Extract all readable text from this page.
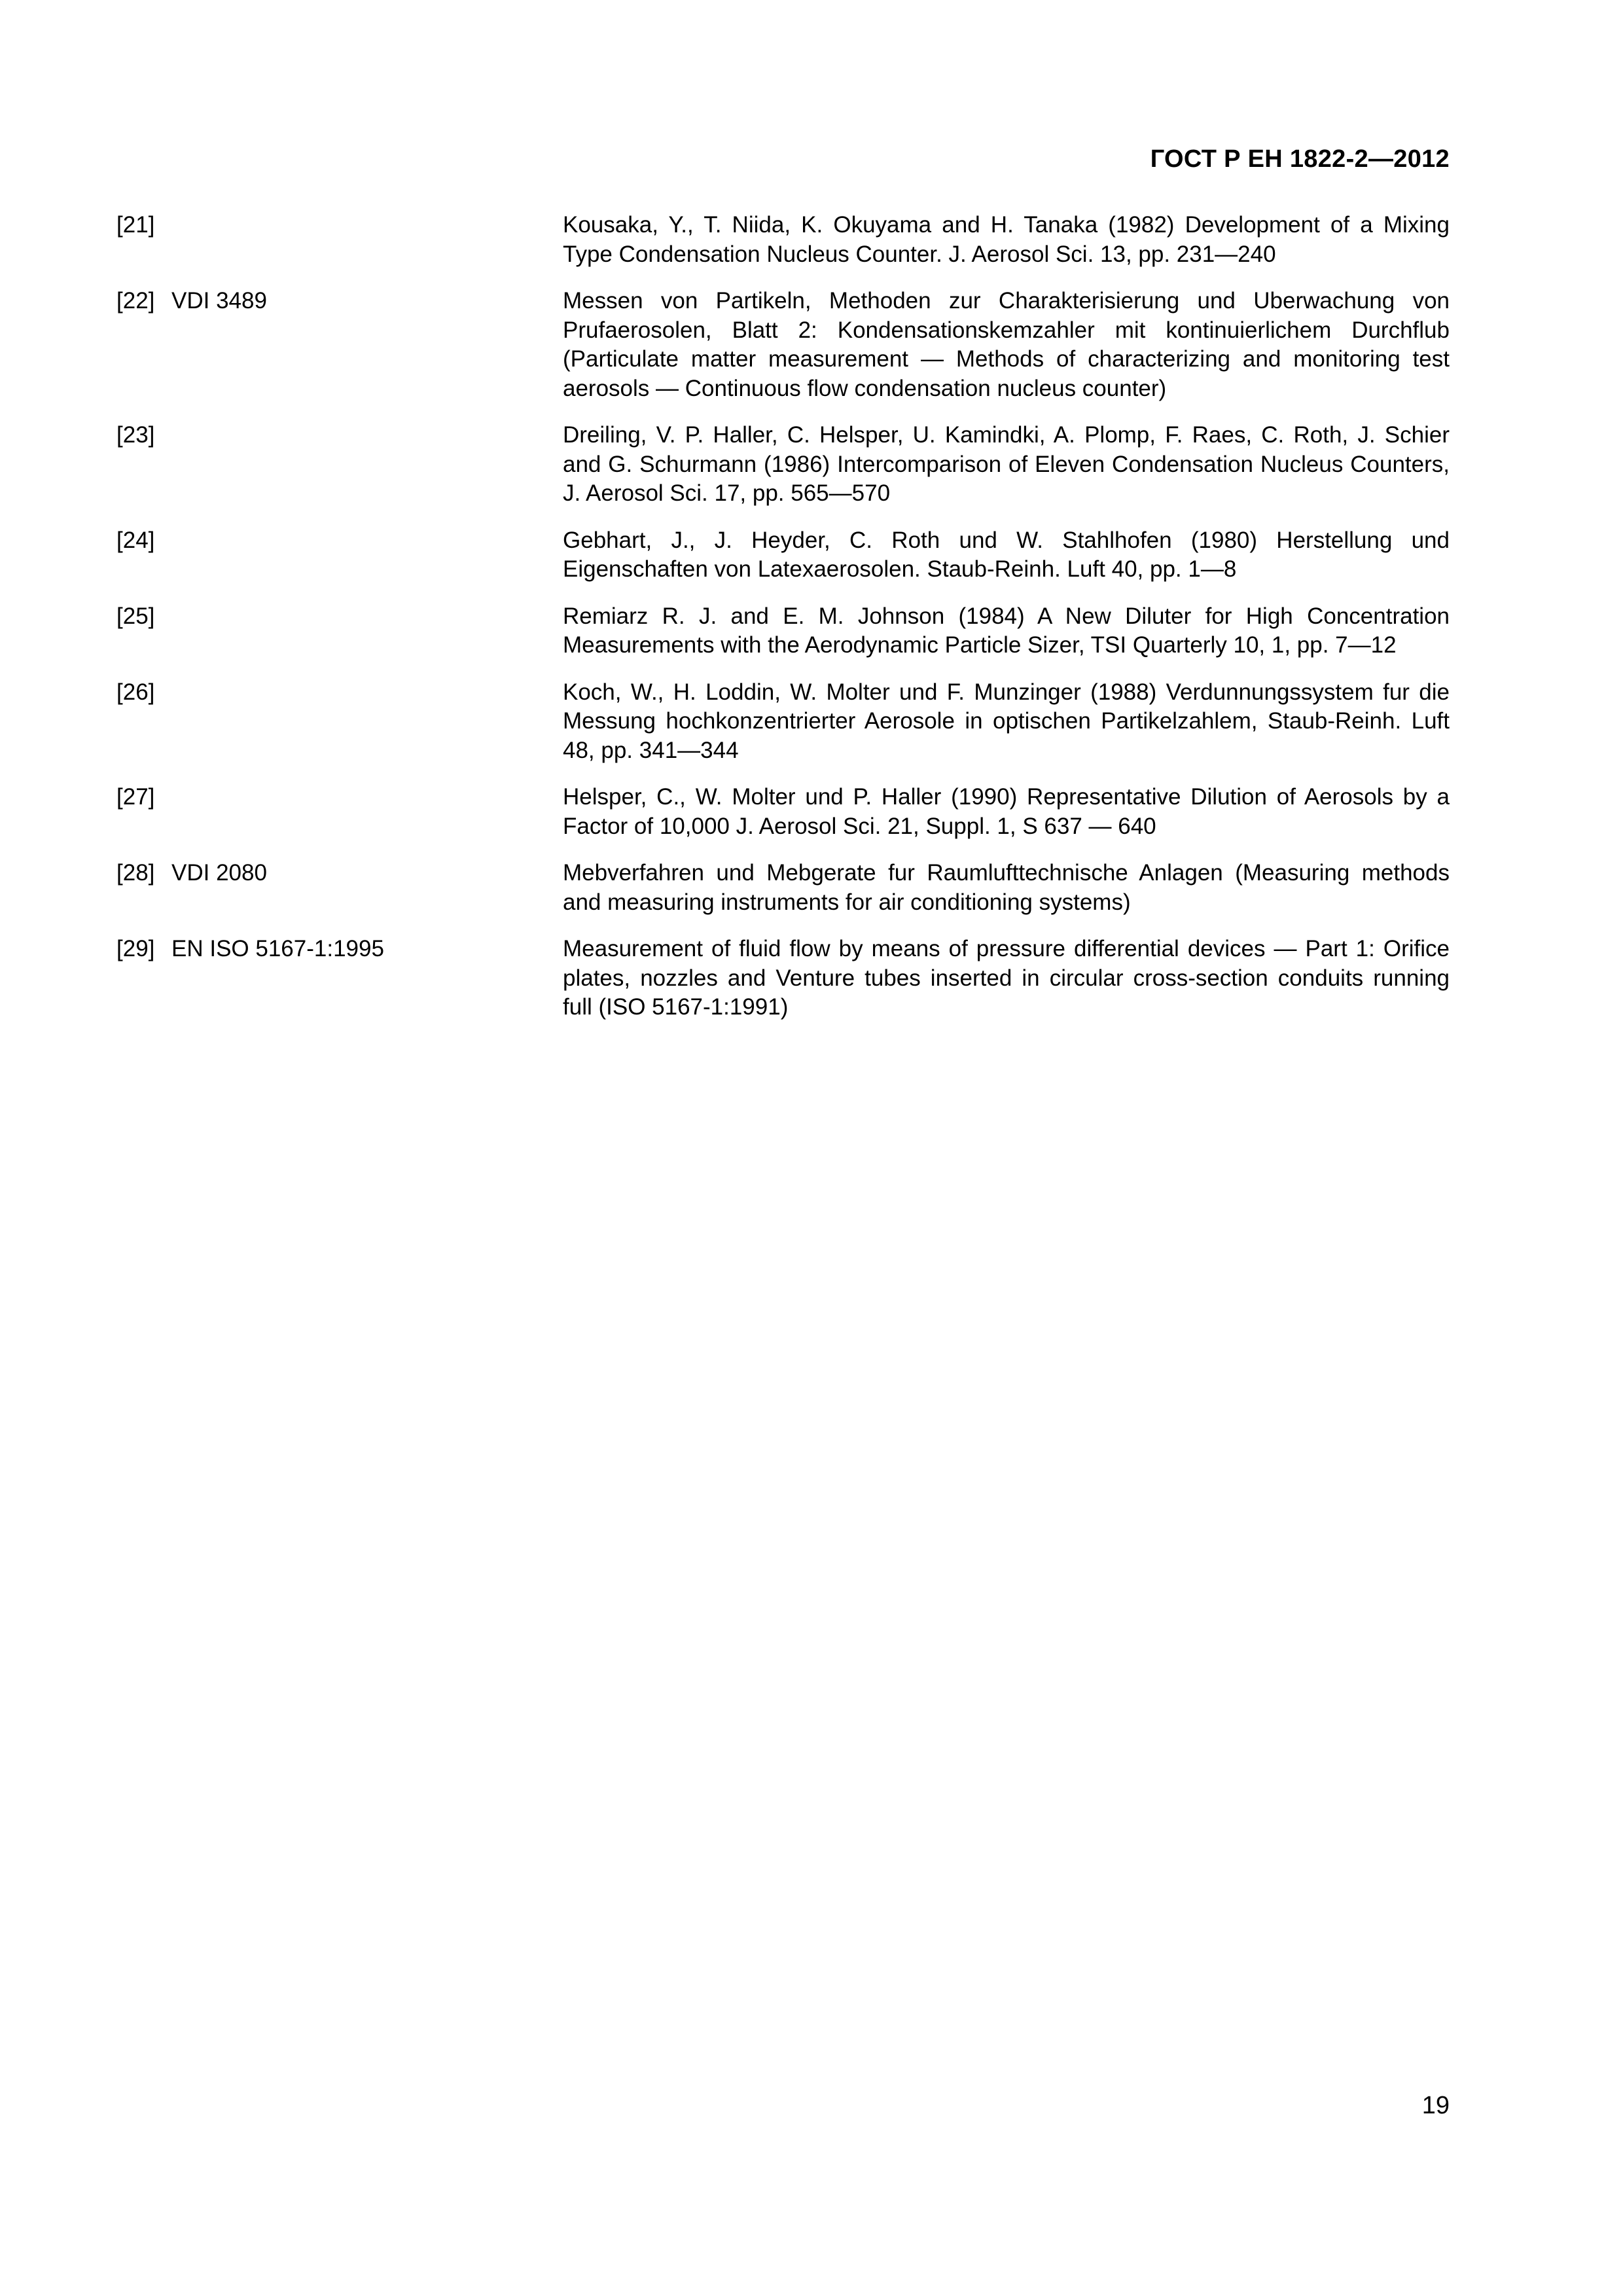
ГОСТ Р ЕН 1822-2—2012
[21]	Kousaka, Y., T. Niida, K. Okuyama and H. Tanaka (1982) Development of a Mixing Type Condensation Nucleus Counter. J. Aerosol Sci. 13, pp. 231—240
[22] VDI 3489	Messen von Partikeln, Methoden zur Charakterisierung und Uberwachung von Prufaerosolen, Blatt 2: Kondensationskemzahler mit kontinuierlichem Durchflub (Particulate matter measurement — Methods of characterizing and monitoring test aerosols — Continuous flow condensation nucleus counter)
[23]	Dreiling, V. P. Haller, C. Helsper, U. Kamindki, A. Plomp, F. Raes, C. Roth, J. Schier and G. Schurmann (1986) Intercomparison of Eleven Condensation Nucleus Counters, J. Aerosol Sci. 17, pp. 565—570
[24]	Gebhart, J., J. Heyder, C. Roth und W. Stahlhofen (1980) Herstellung und Eigenschaften von Latexaerosolen. Staub-Reinh. Luft 40, pp. 1—8
[25]	Remiarz R. J. and E. M. Johnson (1984) A New Diluter for High Concentration Measurements with the Aerodynamic Particle Sizer, TSI Quarterly 10, 1, pp. 7—12
[26]	Koch, W., H. Loddin, W. Molter und F. Munzinger (1988) Verdunnungssystem fur die Messung hochkonzentrierter Aerosole in optischen Partikelzahlem, Staub-Reinh. Luft 48, pp. 341—344
[27]	Helsper, C., W. Molter und P. Haller (1990) Representative Dilution of Aerosols by a Factor of 10,000 J. Aerosol Sci. 21, Suppl. 1, S 637 — 640
[28] VDI 2080	Mebverfahren und Mebgerate fur Raumlufttechnische Anlagen (Measuring methods and measuring instruments for air conditioning systems)
[29] EN ISO 5167-1:1995	Measurement of fluid flow by means of pressure differential devices — Part 1: Orifice plates, nozzles and Venture tubes inserted in circular cross-section conduits running full (ISO 5167-1:1991)
19
